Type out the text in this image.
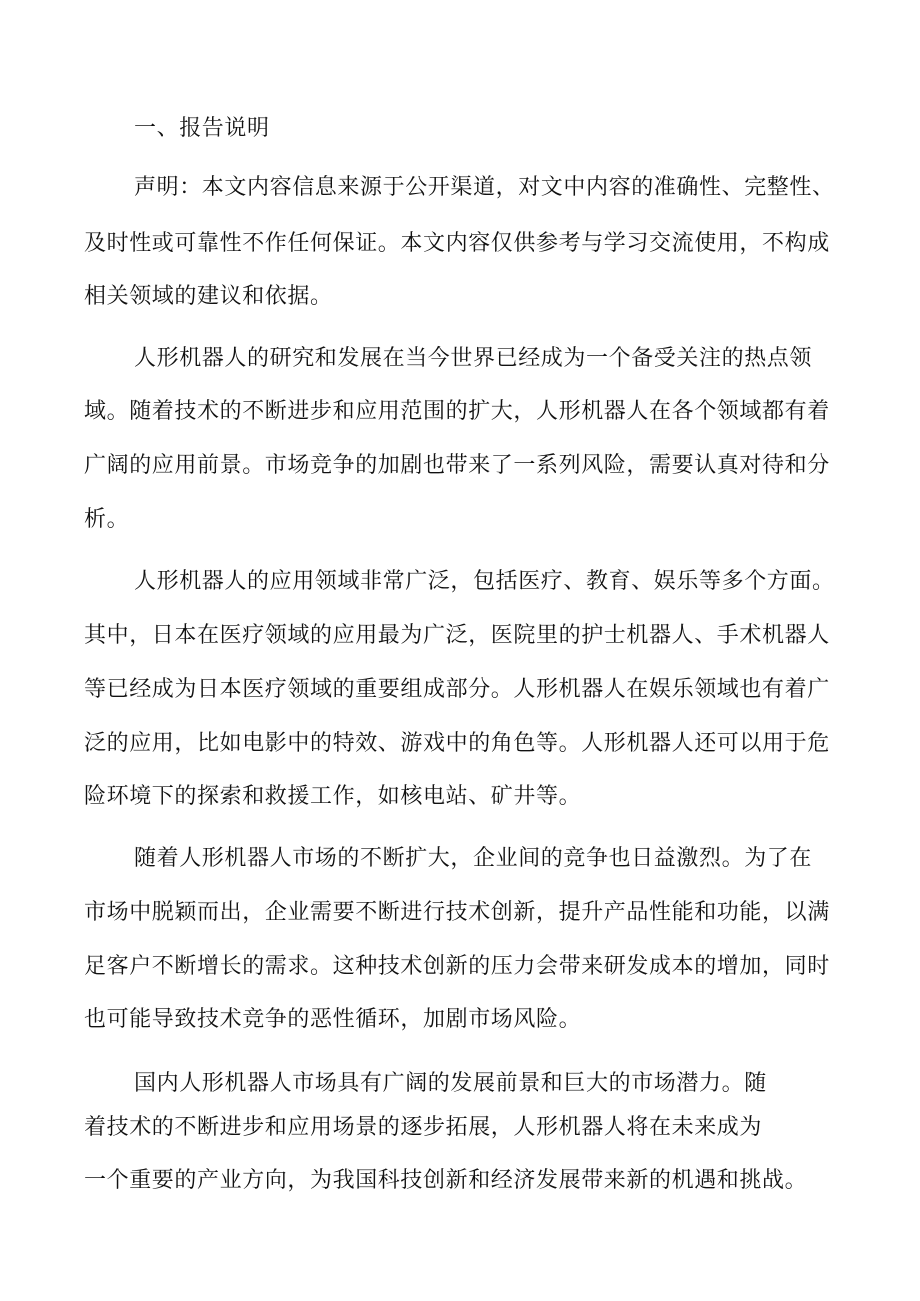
一、报告说明
声明：本文内容信息来源于公开渠道，对文中内容的准确性、完整性、
及时性或可靠性不作任何保证。本文内容仅供参考与学习交流使用，不构成
相关领域的建议和依据。
人形机器人的研究和发展在当今世界已经成为一个备受关注的热点领
域。随着技术的不断进步和应用范围的扩大，人形机器人在各个领域都有着
广阔的应用前景。市场竞争的加剧也带来了一系列风险，需要认真对待和分
析。
人形机器人的应用领域非常广泛，包括医疗、教育、娱乐等多个方面。
其中，日本在医疗领域的应用最为广泛，医院里的护士机器人、手术机器人
等已经成为日本医疗领域的重要组成部分。人形机器人在娱乐领域也有着广
泛的应用，比如电影中的特效、游戏中的角色等。人形机器人还可以用于危
险环境下的探索和救援工作，如核电站、矿井等。
随着人形机器人市场的不断扩大，企业间的竞争也日益激烈。为了在
市场中脱颖而出，企业需要不断进行技术创新，提升产品性能和功能，以满
足客户不断增长的需求。这种技术创新的压力会带来研发成本的增加，同时
也可能导致技术竞争的恶性循环，加剧市场风险。
国内人形机器人市场具有广阔的发展前景和巨大的市场潜力。随
着技术的不断进步和应用场景的逐步拓展，人形机器人将在未来成为
一个重要的产业方向，为我国科技创新和经济发展带来新的机遇和挑战。
